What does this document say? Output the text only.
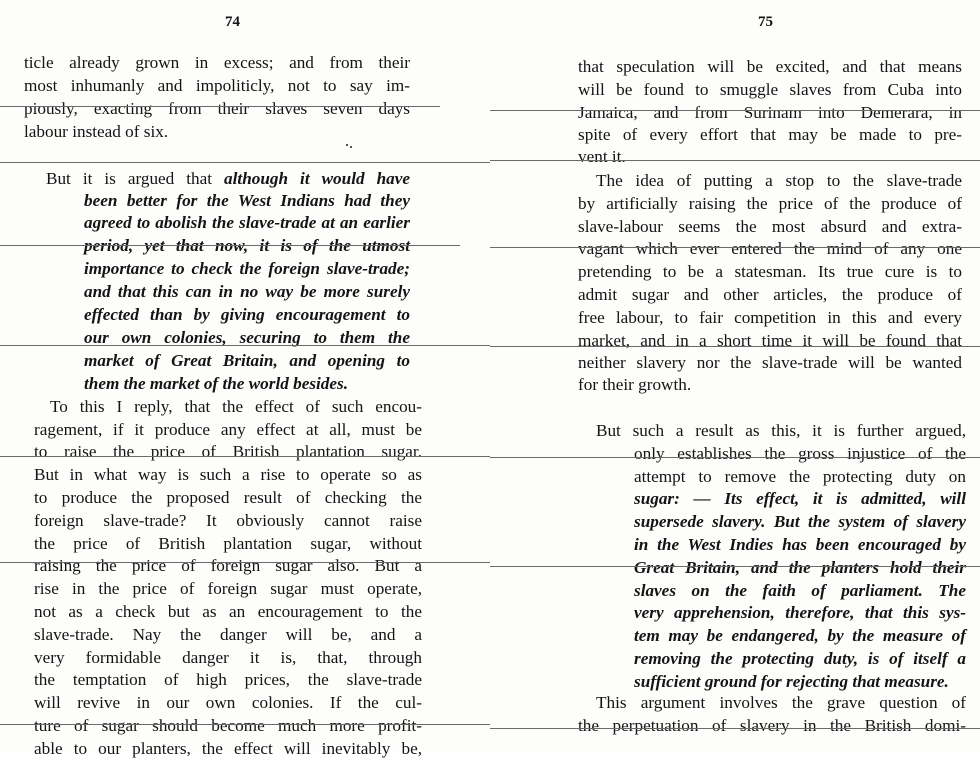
74
ticle already grown in excess; and from their
most inhumanly and impoliticly, not to say im-
piously, exacting from their slaves seven days
labour instead of six.
But it is argued that although it would have
been better for the West Indians had they
agreed to abolish the slave-trade at an earlier
period, yet that now, it is of the utmost
importance to check the foreign slave-trade;
and that this can in no way be more surely
effected than by giving encouragement to
our own colonies, securing to them the
market of Great Britain, and opening to
them the market of the world besides.
To this I reply, that the effect of such encou-
ragement, if it produce any effect at all, must be
to raise the price of British plantation sugar.
But in what way is such a rise to operate so as
to produce the proposed result of checking the
foreign slave-trade? It obviously cannot raise
the price of British plantation sugar, without
raising the price of foreign sugar also. But a
rise in the price of foreign sugar must operate,
not as a check but as an encouragement to the
slave-trade. Nay the danger will be, and a
very formidable danger it is, that, through
the temptation of high prices, the slave-trade
will revive in our own colonies. If the cul-
ture of sugar should become much more profit-
able to our planters, the effect will inevitably be,
75
that speculation will be excited, and that means
will be found to smuggle slaves from Cuba into
Jamaica, and from Surinam into Demerara, in
spite of every effort that may be made to pre-
vent it.
The idea of putting a stop to the slave-trade
by artificially raising the price of the produce of
slave-labour seems the most absurd and extra-
vagant which ever entered the mind of any one
pretending to be a statesman. Its true cure is to
admit sugar and other articles, the produce of
free labour, to fair competition in this and every
market, and in a short time it will be found that
neither slavery nor the slave-trade will be wanted
for their growth.
But such a result as this, it is further argued,
only establishes the gross injustice of the
attempt to remove the protecting duty on
sugar: — Its effect, it is admitted, will
supersede slavery. But the system of slavery
in the West Indies has been encouraged by
Great Britain, and the planters hold their
slaves on the faith of parliament. The
very apprehension, therefore, that this sys-
tem may be endangered, by the measure of
removing the protecting duty, is of itself a
sufficient ground for rejecting that measure.
This argument involves the grave question of
the perpetuation of slavery in the British domi-
